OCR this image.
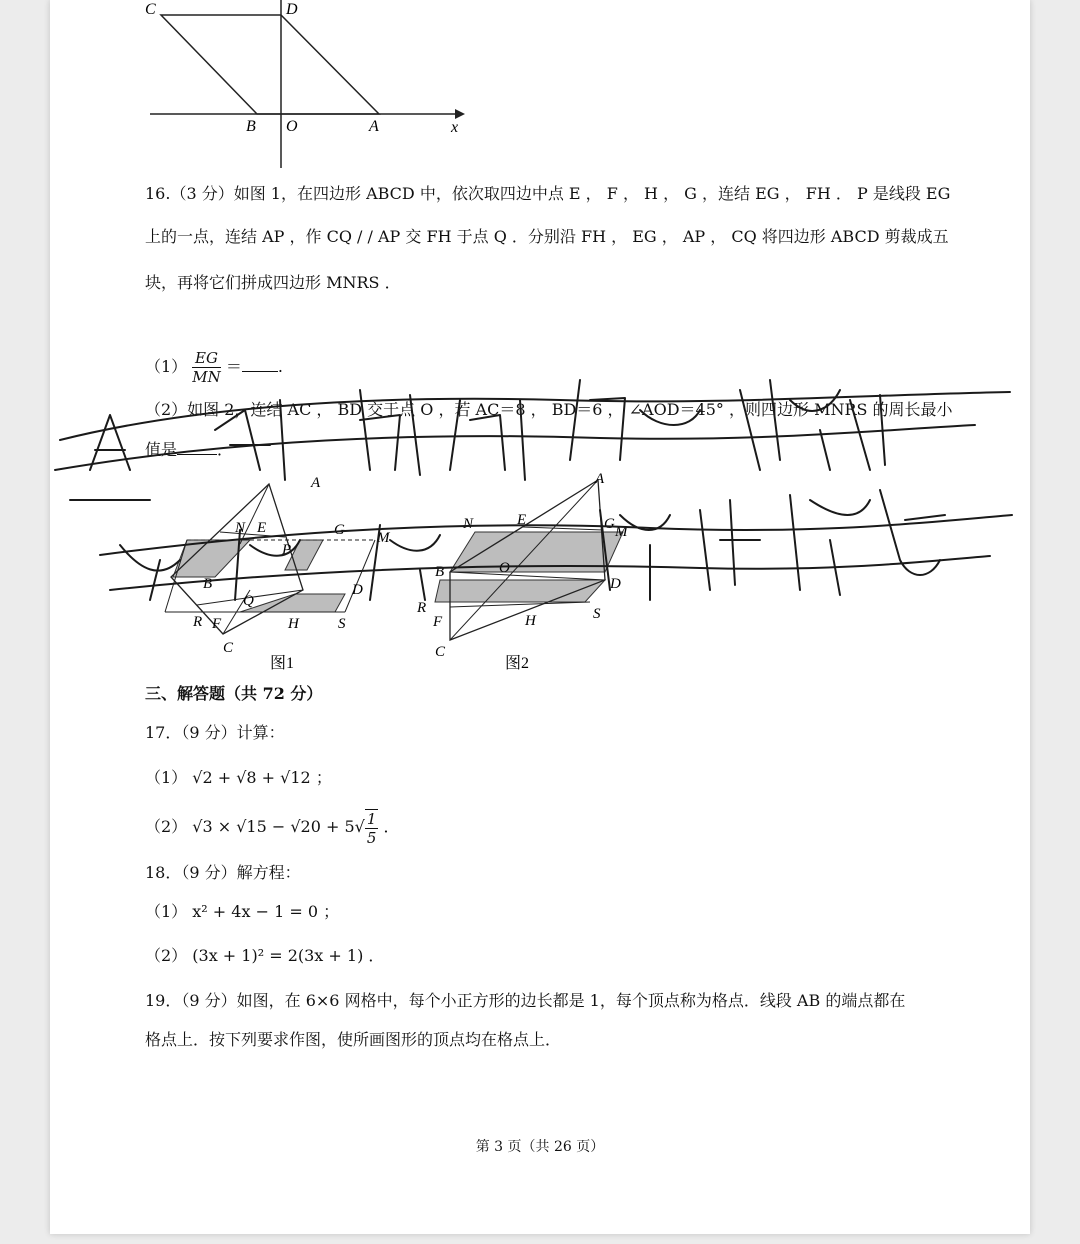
C	D
B O	A	x
16.（3 分）如图 1，在四边形 ABCD 中，依次取四边中点 E ， F ， H ， G ，连结 EG ， FH ． P 是线段 EG
上的一点，连结 AP ，作 CQ / / AP 交 FH 于点 Q ．分别沿 FH ， EG ， AP ， CQ 将四边形 ABCD 剪裁成五
块，再将它们拼成四边形 MNRS ．
$(1) \frac{EG}{MN}$ ＝ .
（2）如图 2，连结 AC ， BD 交于点 O ，若 AC＝8 ， BD＝6 ， ∠AOD＝45° ，则四边形 MNRS 的周长最小
值是	．
A
N E	G M
P
B	D
Q
R F	H	S
C
图1
A
N	E	G M
B	O
D
R
F	H	S
C
图2
三、解答题（共 72 分）
17．（9 分）计算：
（1） √2 + √8 + √12 ；
（2） $√3 \times √15 - √20 + 5√ \frac{1}{5}$ ．
18．（9 分）解方程：
（1） x² + 4x − 1 = 0 ；
（2） (3x + 1)² = 2(3x + 1) ．
19．（9 分）如图，在 6×6 网格中，每个小正方形的边长都是 1，每个顶点称为格点．线段 AB 的端点都在
格点上．按下列要求作图，使所画图形的顶点均在格点上．
第 3 页（共 26 页）
